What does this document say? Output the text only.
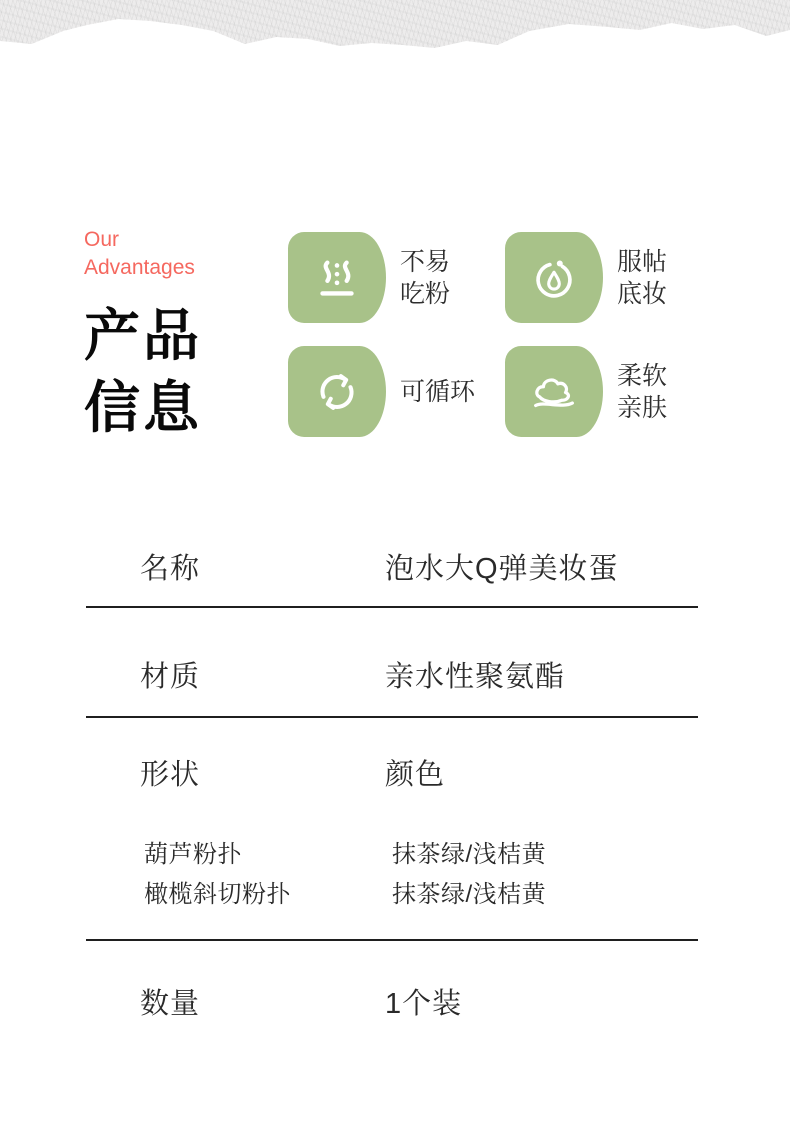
Our
Advantages
产品
信息
不易
吃粉
服帖
底妆
可循环
柔软
亲肤
名称	泡水大Q弹美妆蛋
材质	亲水性聚氨酯
形状	颜色
葫芦粉扑	抹茶绿/浅桔黄
橄榄斜切粉扑	抹茶绿/浅桔黄
数量	1个装
